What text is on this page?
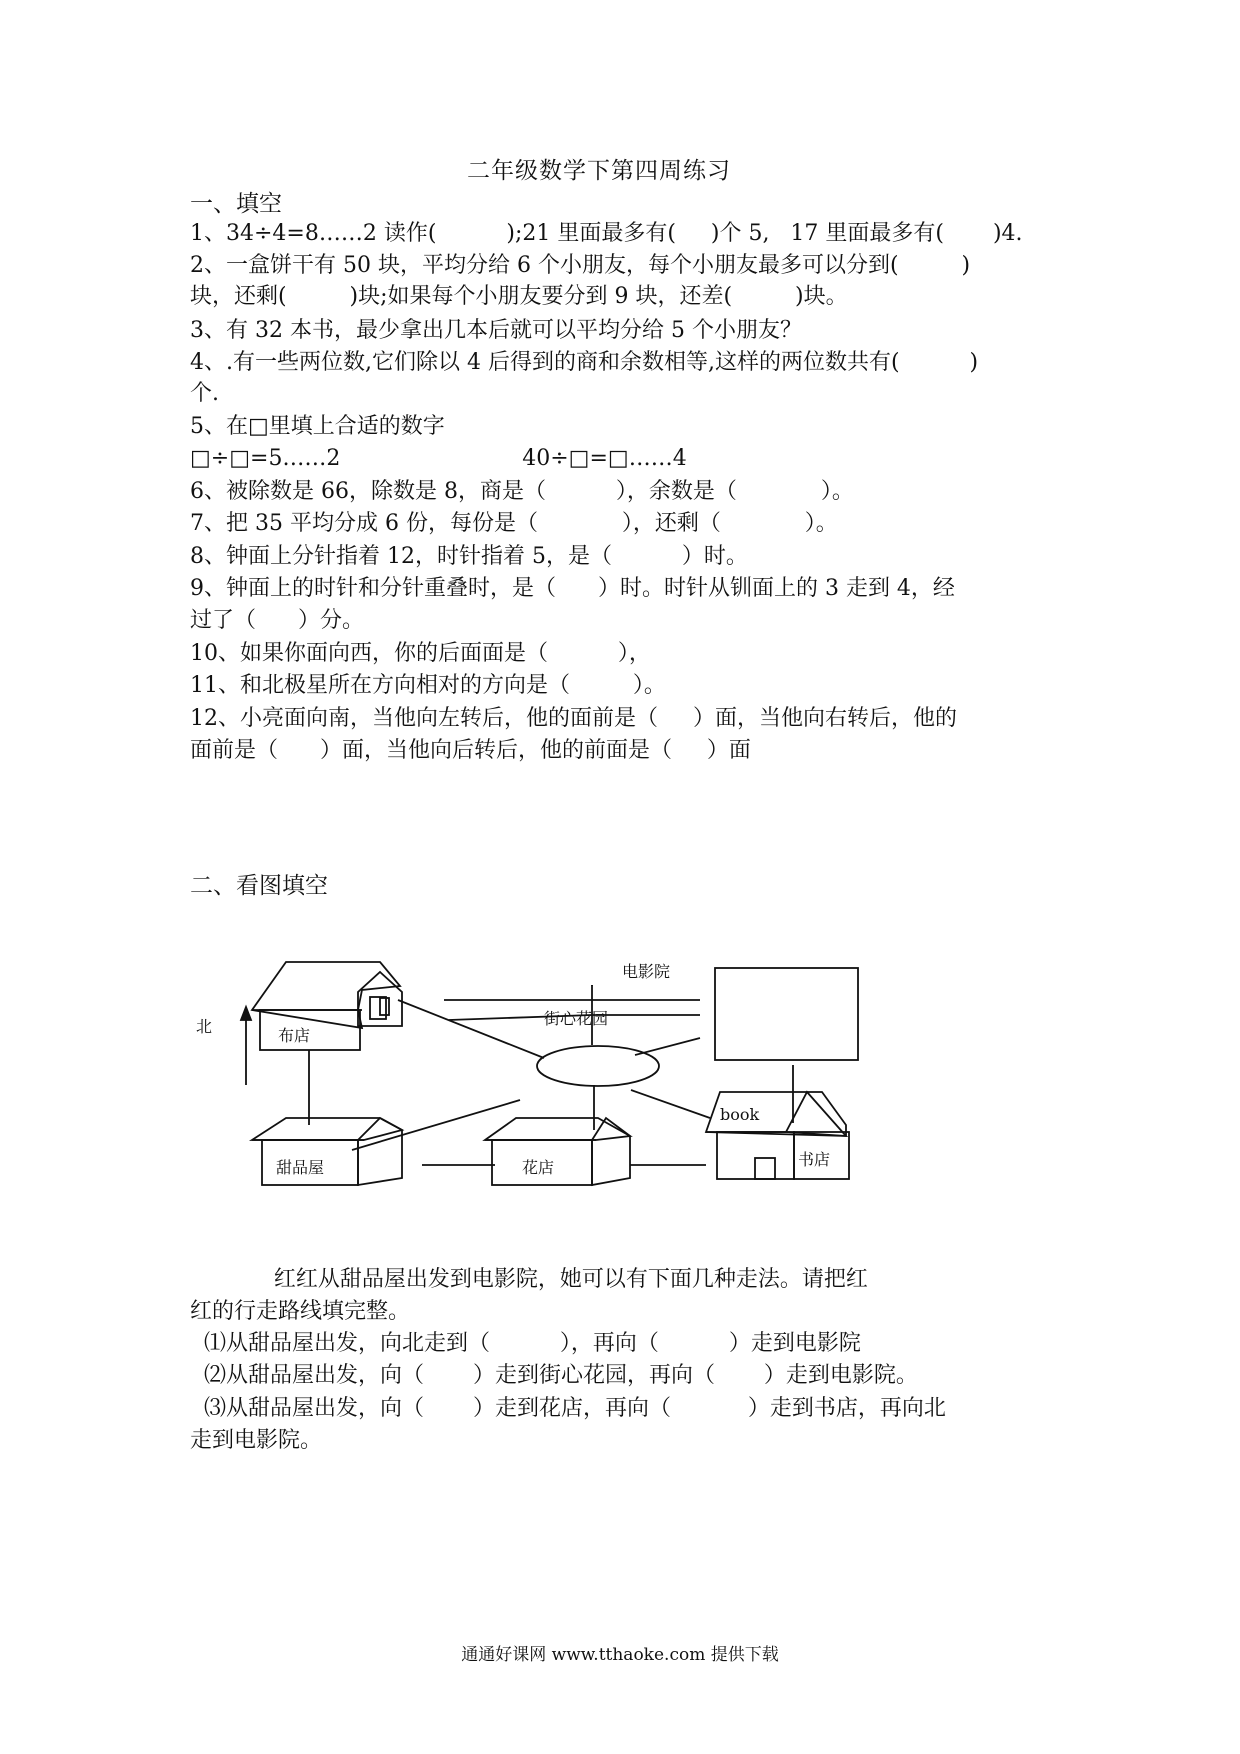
二年级数学下第四周练习
一、填空
1、34÷4=8……2 读作(          );21 里面最多有(     )个 5,   17 里面最多有(       )4.
2、一盒饼干有 50 块，平均分给 6 个小朋友，每个小朋友最多可以分到(         )
块，还剩(         )块;如果每个小朋友要分到 9 块，还差(         )块。
3、有 32 本书，最少拿出几本后就可以平均分给 5 个小朋友？
4、.有一些两位数,它们除以 4 后得到的商和余数相等,这样的两位数共有(          )
个.
5、在□里填上合适的数字
□÷□=5……2                          40÷□=□……4
6、被除数是 66，除数是 8，商是（          ），余数是（            ）。
7、把 35 平均分成 6 份，每份是（            ），还剩（            ）。
8、钟面上分针指着 12，时针指着 5，是（          ）时。
9、钟面上的时针和分针重叠时，是（      ）时。时针从钏面上的 3 走到 4，经
过了（      ）分。
10、如果你面向西，你的后面面是（          ），
11、和北极星所在方向相对的方向是（         ）。
12、小亮面向南，当他向左转后，他的面前是（     ）面，当他向右转后，他的
面前是（      ）面，当他向后转后，他的前面是（     ）面
二、看图填空
北	布店
电影院
街心花园
book
书店
甜品屋	花店
红红从甜品屋出发到电影院，她可以有下面几种走法。请把红
红的行走路线填完整。
⑴从甜品屋出发，向北走到（          ），再向（          ）走到电影院
⑵从甜品屋出发，向（       ）走到街心花园，再向（       ）走到电影院。
⑶从甜品屋出发，向（       ）走到花店，再向（           ）走到书店，再向北
走到电影院。
通通好课网 www.tthaoke.com 提供下载
